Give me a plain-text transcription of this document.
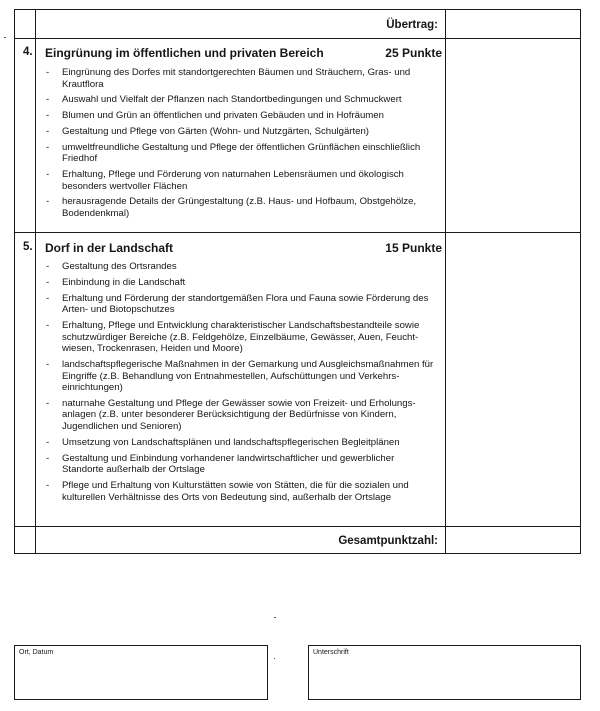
Übertrag:
4. Eingrünung im öffentlichen und privaten Bereich	25 Punkte
- Eingrünung des Dorfes mit standortgerechten Bäumen und Sträuchern, Gras- und Krautflora
- Auswahl und Vielfalt der Pflanzen nach Standortbedingungen und Schmuckwert
- Blumen und Grün an öffentlichen und privaten Gebäuden und in Hofräumen
- Gestaltung und Pflege von Gärten (Wohn- und Nutzgärten, Schulgärten)
- umweltfreundliche Gestaltung und Pflege der öffentlichen Grünflächen einschließlich Friedhof
- Erhaltung, Pflege und Förderung von naturnahen Lebensräumen und ökologisch besonders wertvoller Flächen
- herausragende Details der Grüngestaltung (z.B. Haus- und Hofbaum, Obstgehölze, Bodendenkmal)
5. Dorf in der Landschaft	15 Punkte
- Gestaltung des Ortsrandes
- Einbindung in die Landschaft
- Erhaltung und Förderung der standortgemäßen Flora und Fauna sowie Förderung des Arten- und Biotopschutzes
- Erhaltung, Pflege und Entwicklung charakteristischer Landschaftsbestandteile sowie schutzwürdiger Bereiche (z.B. Feldgehölze, Einzelbäume, Gewässer, Auen, Feucht-wiesen, Trockenrasen, Heiden und Moore)
- landschaftspflegerische Maßnahmen in der Gemarkung und Ausgleichsmaßnahmen für Eingriffe (z.B. Behandlung von Entnahmestellen, Aufschüttungen und Verkehrs-einrichtungen)
- naturnahe Gestaltung und Pflege der Gewässer sowie von Freizeit- und Erholungs-anlagen (z.B. unter besonderer Berücksichtigung der Bedürfnisse von Kindern, Jugendlichen und Senioren)
- Umsetzung von Landschaftsplänen und landschaftspflegerischen Begleitplänen
- Gestaltung und Einbindung vorhandener landwirtschaftlicher und gewerblicher Standorte außerhalb der Ortslage
- Pflege und Erhaltung von Kulturstätten sowie von Stätten, die für die sozialen und kulturellen Verhältnisse des Orts von Bedeutung sind, außerhalb der Ortslage
Gesamtpunktzahl:
Ort, Datum	Unterschrift
